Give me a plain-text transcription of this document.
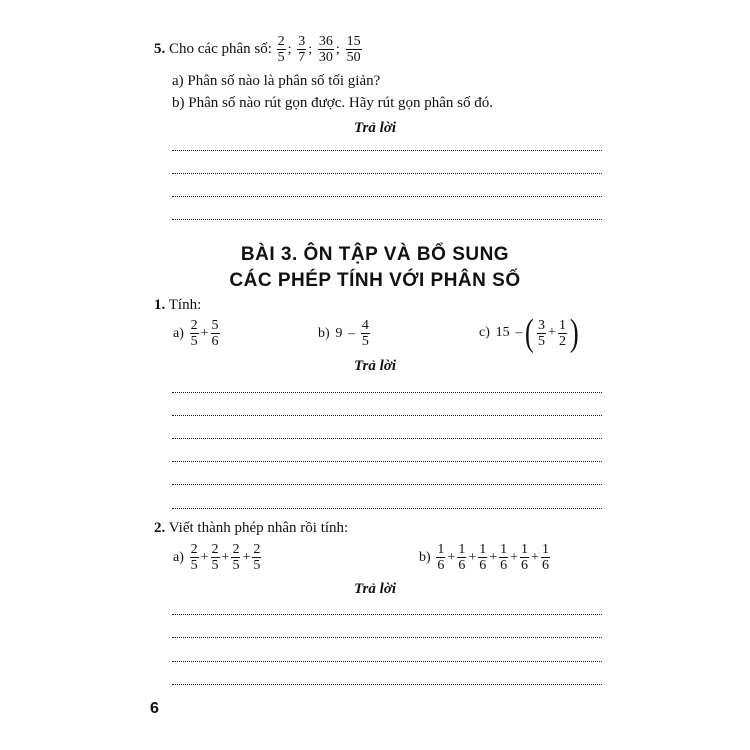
5. Cho các phân số: $\frac{2}{5}$ ; $\frac{3}{7}$ ; $\frac{36}{30}$ ; $\frac{15}{50}$
a) Phân số nào là phân số tối giản?
b) Phân số nào rút gọn được. Hãy rút gọn phân số đó.
Trả lời
BÀI 3. ÔN TẬP VÀ BỔ SUNG
CÁC PHÉP TÍNH VỚI PHÂN SỐ
1. Tính:
$a) \frac{2}{5} + \frac{5}{6}$	b) $9 - \frac{4}{5}$	c) 15 –( $\frac{3}{5} + \frac{1}{2}$ )
Trả lời
2. Viết thành phép nhân rồi tính:
$a) \frac{2}{5} + \frac{2}{5} + \frac{2}{5} + \frac{2}{5}$	$b) \frac{1}{6} + \frac{1}{6} + \frac{1}{6} + \frac{1}{6} + \frac{1}{6} + \frac{1}{6}$
Trả lời
6
